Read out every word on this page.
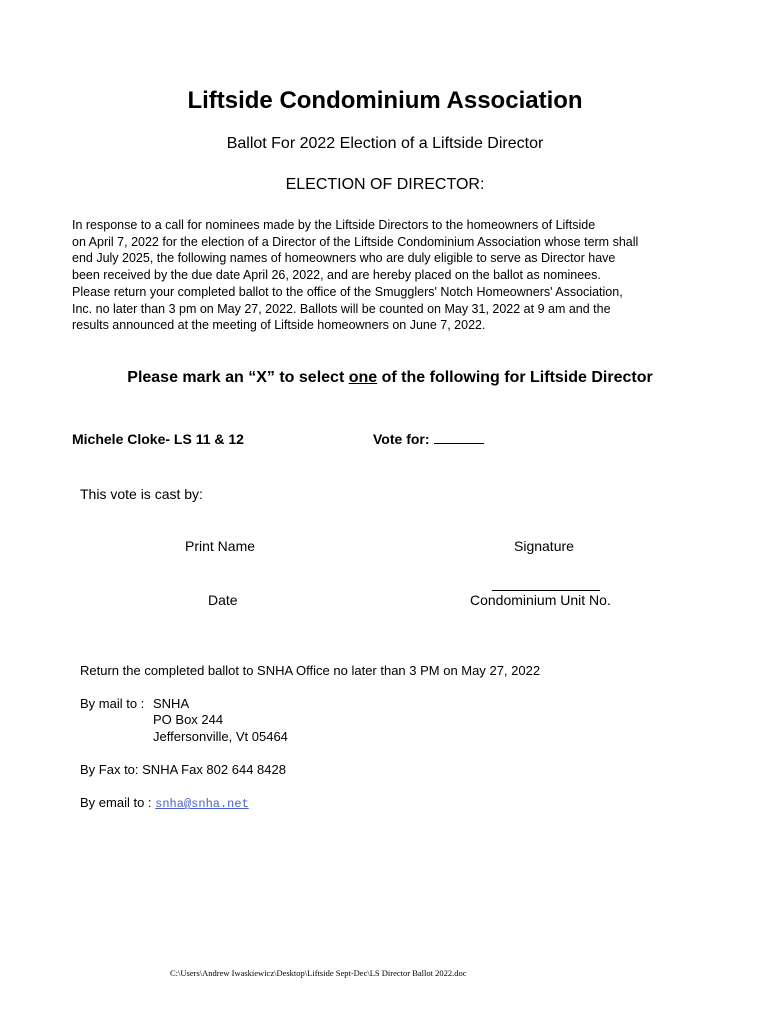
Liftside Condominium Association
Ballot For 2022 Election of a Liftside Director
ELECTION OF DIRECTOR:
In response to a call for nominees made by the Liftside Directors to the homeowners of Liftside
on April 7, 2022 for the election of a Director of the Liftside Condominium Association whose term shall
end July 2025, the following names of homeowners who are duly eligible to serve as Director have
been received by the due date April 26, 2022, and are hereby placed on the ballot as nominees.
Please return your completed ballot to the office of the Smugglers' Notch Homeowners' Association,
Inc. no later than 3 pm on May 27, 2022. Ballots will be counted on May 31, 2022 at 9 am and the
results announced at the meeting of Liftside homeowners on June 7, 2022.
Please mark an “X” to select one of the following for Liftside Director
Michele Cloke- LS 11 & 12	Vote for:
This vote is cast by:
Print Name	Signature
Date	Condominium Unit No.
Return the completed ballot to SNHA Office no later than 3 PM on May 27, 2022
By mail to : SNHA
PO Box 244
Jeffersonville, Vt 05464
By Fax to: SNHA Fax 802 644 8428
By email to : snha@snha.net
C:\Users\Andrew Iwaskiewicz\Desktop\Liftside Sept-Dec\LS Director Ballot 2022.doc
